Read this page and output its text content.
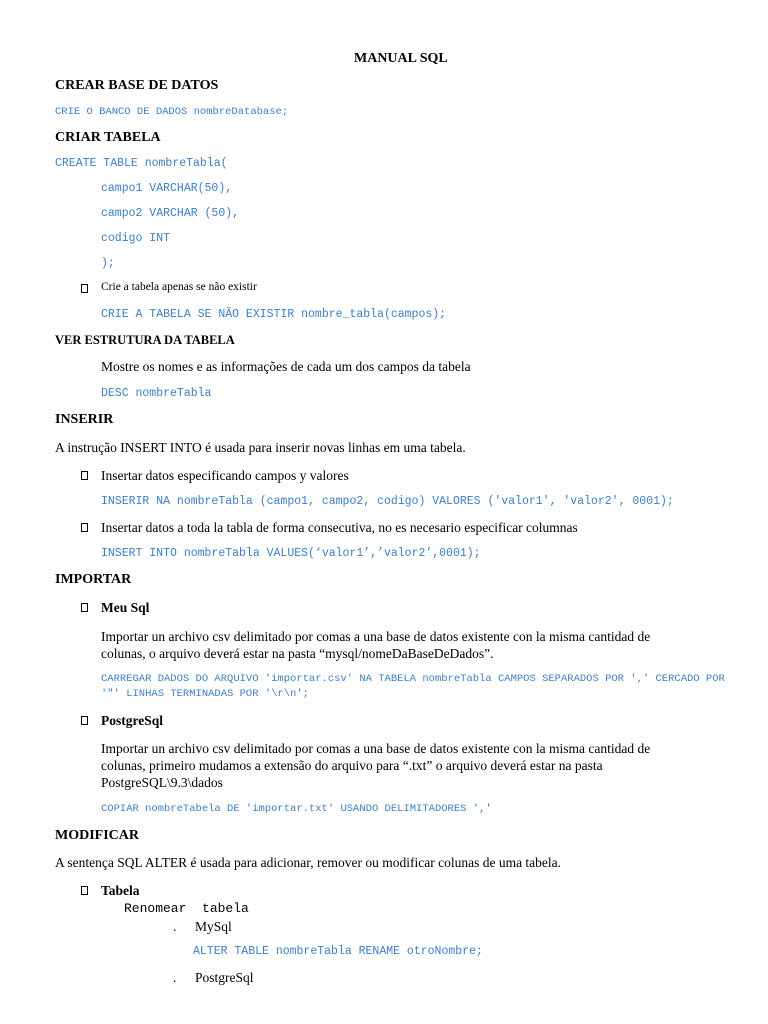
MANUAL SQL
CREAR BASE DE DATOS
CRIE O BANCO DE DADOS nombreDatabase;
CRIAR TABELA
CREATE TABLE nombreTabla(
campo1 VARCHAR(50),
campo2 VARCHAR (50),
codigo INT
);
Crie a tabela apenas se não existir
CRIE A TABELA SE NÃO EXISTIR nombre_tabla(campos);
VER ESTRUTURA DA TABELA
Mostre os nomes e as informações de cada um dos campos da tabela
DESC nombreTabla
INSERIR
A instrução INSERT INTO é usada para inserir novas linhas em uma tabela.
Insertar datos especificando campos y valores
INSERIR NA nombreTabla (campo1, campo2, codigo) VALORES ('valor1', 'valor2', 0001);
Insertar datos a toda la tabla de forma consecutiva, no es necesario especificar columnas
INSERT INTO nombreTabla VALUES(‘valor1’,’valor2’,0001);
IMPORTAR
Meu Sql
Importar un archivo csv delimitado por comas a una base de datos existente con la misma cantidad de colunas, o arquivo deverá estar na pasta “mysql/nomeDaBaseDeDados”.
CARREGAR DADOS DO ARQUIVO 'importar.csv' NA TABELA nombreTabla CAMPOS SEPARADOS POR ',' CERCADO POR '"' LINHAS TERMINADAS POR '\r\n';
PostgreSql
Importar un archivo csv delimitado por comas a una base de datos existente con la misma cantidad de colunas, primeiro mudamos a extensão do arquivo para “.txt” o arquivo deverá estar na pasta PostgreSQL\9.3\dados
COPIAR nombreTabela DE 'importar.txt' USANDO DELIMITADORES ','
MODIFICAR
A sentença SQL ALTER é usada para adicionar, remover ou modificar colunas de uma tabela.
Tabela
Renomear  tabela
. MySql
ALTER TABLE nombreTabla RENAME otroNombre;
. PostgreSql
